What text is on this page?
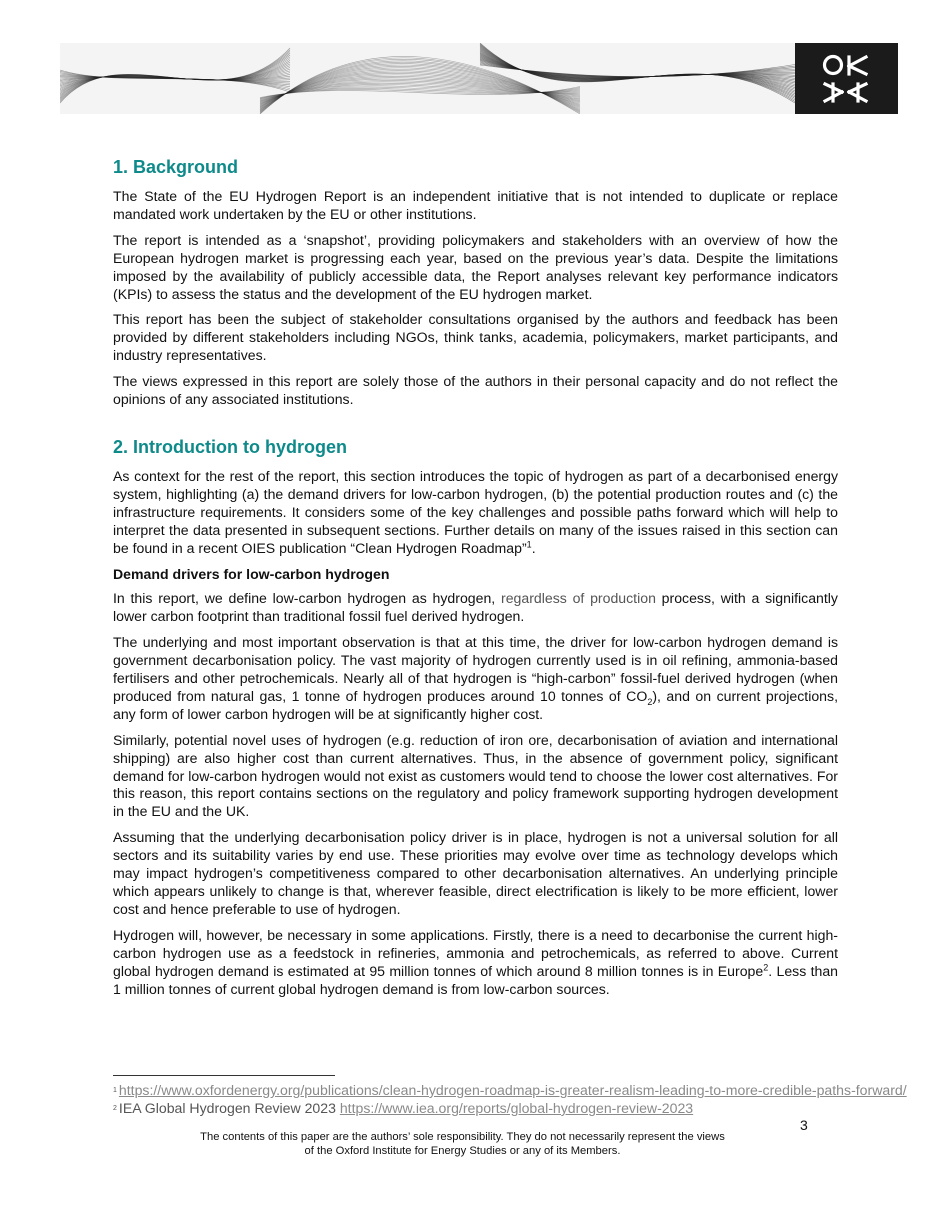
1. Background

The State of the EU Hydrogen Report is an independent initiative that is not intended to duplicate or replace mandated work undertaken by the EU or other institutions.

The report is intended as a ‘snapshot’, providing policymakers and stakeholders with an overview of how the European hydrogen market is progressing each year, based on the previous year’s data. Despite the limitations imposed by the availability of publicly accessible data, the Report analyses relevant key performance indicators (KPIs) to assess the status and the development of the EU hydrogen market.

This report has been the subject of stakeholder consultations organised by the authors and feedback has been provided by different stakeholders including NGOs, think tanks, academia, policymakers, market participants, and industry representatives.

The views expressed in this report are solely those of the authors in their personal capacity and do not reflect the opinions of any associated institutions.

2. Introduction to hydrogen

As context for the rest of the report, this section introduces the topic of hydrogen as part of a decarbonised energy system, highlighting (a) the demand drivers for low-carbon hydrogen, (b) the potential production routes and (c) the infrastructure requirements. It considers some of the key challenges and possible paths forward which will help to interpret the data presented in subsequent sections. Further details on many of the issues raised in this section can be found in a recent OIES publication “Clean Hydrogen Roadmap”$^1$.

Demand drivers for low-carbon hydrogen

In this report, we define low-carbon hydrogen as hydrogen, regardless of production process, with a significantly lower carbon footprint than traditional fossil fuel derived hydrogen.

The underlying and most important observation is that at this time, the driver for low-carbon hydrogen demand is government decarbonisation policy. The vast majority of hydrogen currently used is in oil refining, ammonia-based fertilisers and other petrochemicals. Nearly all of that hydrogen is “high-carbon” fossil-fuel derived hydrogen (when produced from natural gas, 1 tonne of hydrogen produces around 10 tonnes of $CO_2$), and on current projections, any form of lower carbon hydrogen will be at significantly higher cost.

Similarly, potential novel uses of hydrogen (e.g. reduction of iron ore, decarbonisation of aviation and international shipping) are also higher cost than current alternatives. Thus, in the absence of government policy, significant demand for low-carbon hydrogen would not exist as customers would tend to choose the lower cost alternatives. For this reason, this report contains sections on the regulatory and policy framework supporting hydrogen development in the EU and the UK.

Assuming that the underlying decarbonisation policy driver is in place, hydrogen is not a universal solution for all sectors and its suitability varies by end use. These priorities may evolve over time as technology develops which may impact hydrogen’s competitiveness compared to other decarbonisation alternatives. An underlying principle which appears unlikely to change is that, wherever feasible, direct electrification is likely to be more efficient, lower cost and hence preferable to use of hydrogen.

Hydrogen will, however, be necessary in some applications. Firstly, there is a need to decarbonise the current high-carbon hydrogen use as a feedstock in refineries, ammonia and petrochemicals, as referred to above. Current global hydrogen demand is estimated at 95 million tonnes of which around 8 million tonnes is in Europe$^2$. Less than 1 million tonnes of current global hydrogen demand is from low-carbon sources.

$^1$ https://www.oxfordenergy.org/publications/clean-hydrogen-roadmap-is-greater-realism-leading-to-more-credible-paths-forward/

$^2$ IEA Global Hydrogen Review 2023 https://www.iea.org/reports/global-hydrogen-review-2023

3
The contents of this paper are the authors’ sole responsibility. They do not necessarily represent the views
of the Oxford Institute for Energy Studies or any of its Members.
